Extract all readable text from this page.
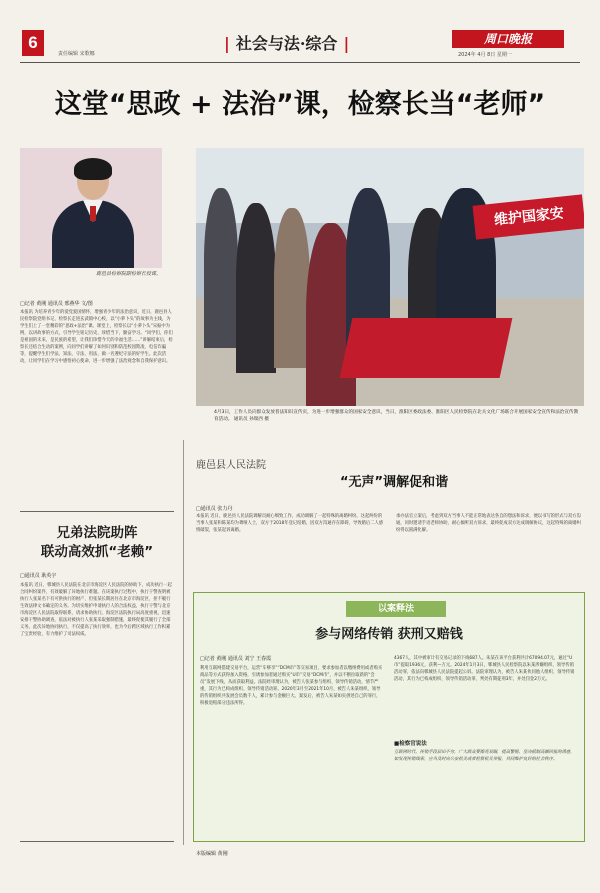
6
责任编辑 宋歌娜
| 社会与法·综合 |	周口晚报
2024年 4月 8日 星期一
这堂“思政 + 法治”课，检察长当“老师”
鹿邑县检察院副检察长授课。
维护国家安
4月3日，工作人员向群众发放普法知识宣传页，为进一步增强群众的国家安全意识，当日，淮阳区委政法委、淮阳区人民检察院在北关文化广场联合开展国家安全宣传和法治宣传教育活动。 通讯员 孙瑞西 摄
□记者 黄刚 通讯员 邢燕华 文/图
本报讯 为培养青少年的爱党爱国情怀，增强青少年的法治意识，近日，鹿邑县人民检察院党组书记、检察长走进玄武镇中心校，以“小萝卜头”的故事为主线，为学生们上了一堂精彩的“思政+法治”课。课堂上，检察长以“小萝卜头”宋振中为例，以讲故事的方式，引导学生铭记历史、珍惜当下，勤奋学习。“同学们，你们是祖国的未来，是民族的希望，让我们珍惜今天的幸福生活……”讲解结束后，检察长还结合生动的案例，向同学们讲解了如何识别和防范校园欺凌、电信诈骗等，提醒学生们学法、知法、守法、用法，做一名遵纪守法的好学生。此次活动，让同学们在学习中感悟初心使命，进一步增强了法治观念和自我保护意识。
兄弟法院助阵
联动高效抓“老赖”
□通讯员 耿英宇
本报讯 近日，郸城县人民法院在北京市海淀区人民法院的协助下，成功执行一起合同纠纷案件，有效破解了异地执行难题。在该案执行过程中，执行干警查明被执行人张某名下有可供执行的财产，但张某长期居住在北京市海淀区，拒不履行生效法律文书确定的义务。为切实维护申请执行人的合法权益，执行干警与北京市海淀区人民法院取得联系，请求协助执行。海淀区法院执行局高度重视，迅速安排干警协助调查，依法对被执行人张某采取强制措施，最终促使其履行了全部义务。此次异地协同执行，不仅提高了执行效率，也为今后跨区域执行工作积累了宝贵经验，有力维护了司法权威。
鹿邑县人民法院
“无声”调解促和谐
□通讯员 张力丹
本报讯 近日，鹿邑县人民法院调解员耐心细致工作，成功调解了一起特殊的离婚纠纷。这起纠纷的当事人张某和陈某均为聋哑人士，双方于2018年登记结婚，因双方沟通存在障碍，导致婚后二人感情破裂，张某起诉离婚。
承办法官立案后，考虑到双方当事人不能正常地表达各自的想法和诉求，便以书写的形式与双方沟通，同时邀请手语老师协助，耐心倾听双方诉求，最终促成双方达成调解协议，这起特殊的离婚纠纷得以圆满化解。
以案释法
参与网络传销 获刑又赔钱
□记者 黄刚 通讯员 刘宁 王春霞
利用互联网搭建交易平台，运营“车够享”“DCM币”等交易项目，要求参加者以缴纳费用或者购买商品等方式获得加入资格，引诱参加者通过购买“U币”交易“DCM币”，并以不断拉取新的“会员”发展下线，从而获取利益。法院经审理认为，被告人张某参与组织、领导传销活动，情节严重，其行为已构成组织、领导传销活动罪。2020年3月至2021年10月，被告人朱某组织、领导的传销组织共发展会员数千人，累计参与金额巨大。案发后，被告人朱某如实供述自己的罪行，积极退赔部分违法所得。
4367人，其中被审计有交易记录的下线687人。朱某在该平台获利共计67094.07元，通过“U币”提取1936元，获利—万元。2024年1月3日，郸城县人民检察院以朱某涉嫌组织、领导传销活动罪，依法向郸城县人民法院提起公诉。法院审理认为，被告人朱某伙同他人组织、领导传销活动，其行为已构成组织、领导传销活动罪，判处有期徒刑3年，并处罚金2万元。
■检察官说法
互联网时代，传销手段层出不穷，广大群众要擦亮双眼，提高警惕，坚决抵制高额回报的诱惑，如发现传销线索，应当及时向公安机关或者检察机关举报，共同维护良好的社会秩序。
本版编辑 黄刚
